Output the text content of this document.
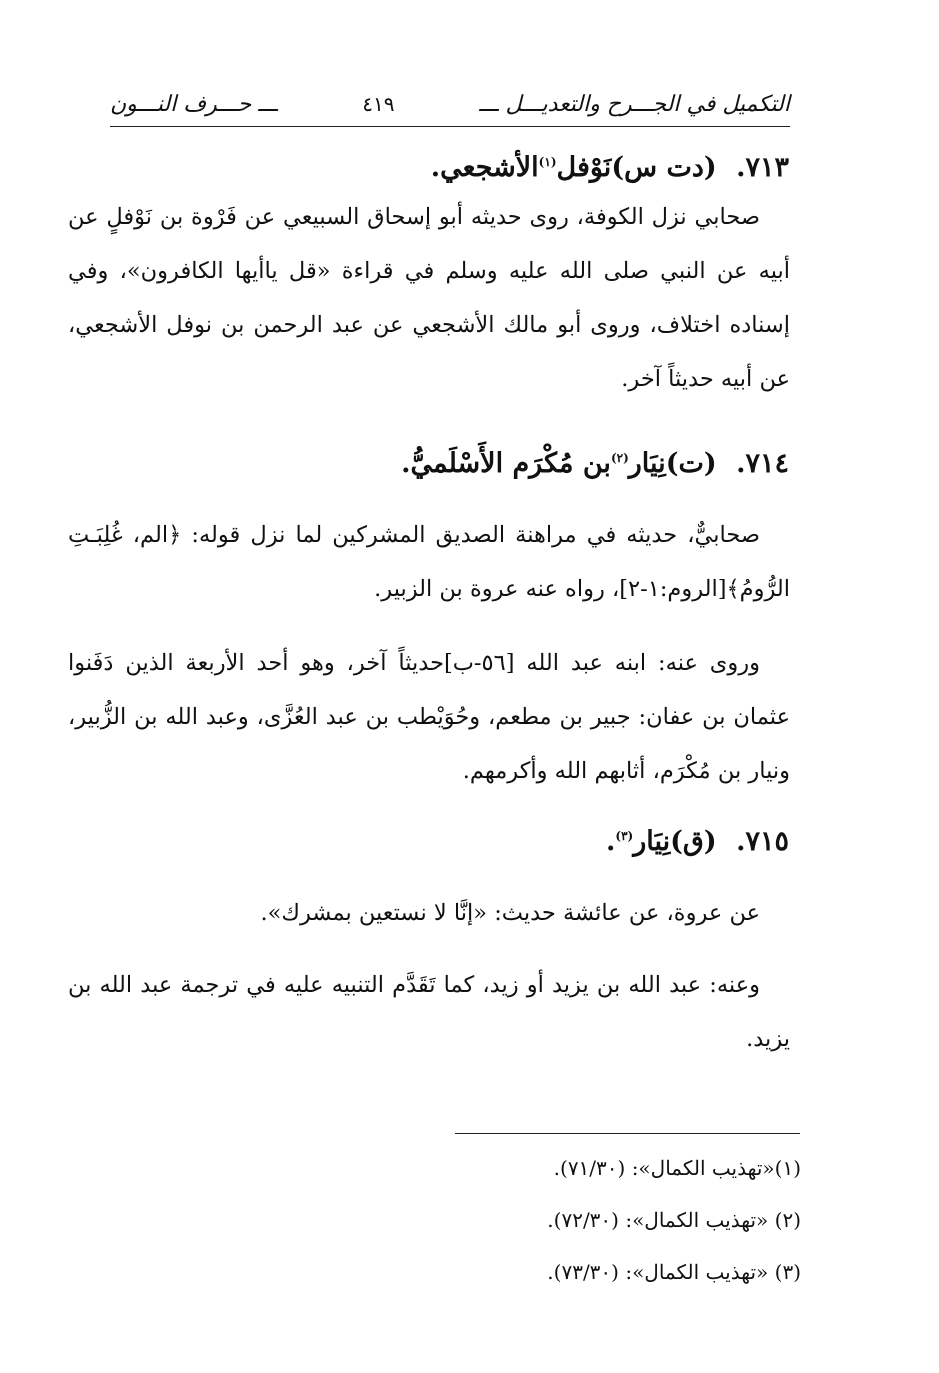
التكميل في الجـــرح والتعديـــل ـــ
٤١٩
ـــ حـــرف النـــون
٧١٣. (دت س)نَوْفل$^{(١)}$الأشجعي.

صحابي نزل الكوفة، روى حديثه أبو إسحاق السبيعي عن فَرْوة بن نَوْفلٍ عن أبيه عن النبي صلى الله عليه وسلم في قراءة «قل ياأيها الكافرون»، وفي إسناده اختلاف، وروى أبو مالك الأشجعي عن عبد الرحمن بن نوفل الأشجعي، عن أبيه حديثاً آخر.

٧١٤. (ت)نِيَار$^{(٢)}$بن مُكْرَم الأَسْلَميُّ.

صحابيٌّ، حديثه في مراهنة الصديق المشركين لما نزل قوله: ﴿الم، غُلِبَـتِ الرُّومُ﴾[الروم:١-٢]، رواه عنه عروة بن الزبير.

وروى عنه: ابنه عبد الله [٥٦-ب]حديثاً آخر، وهو أحد الأربعة الذين دَفَنوا عثمان بن عفان: جبير بن مطعم، وحُوَيْطب بن عبد العُزَّى، وعبد الله بن الزُّبير، ونيار بن مُكْرَم، أثابهم الله وأكرمهم.

٧١٥. (ق)نِيَار$^{(٣)}$.

عن عروة، عن عائشة حديث: «إنَّا لا نستعين بمشرك».

وعنه: عبد الله بن يزيد أو زيد، كما تَقَدَّم التنبيه عليه في ترجمة عبد الله بن يزيد.

(١)«تهذيب الكمال»: (٧١/٣٠).
(٢) «تهذيب الكمال»: (٧٢/٣٠).
(٣) «تهذيب الكمال»: (٧٣/٣٠).
